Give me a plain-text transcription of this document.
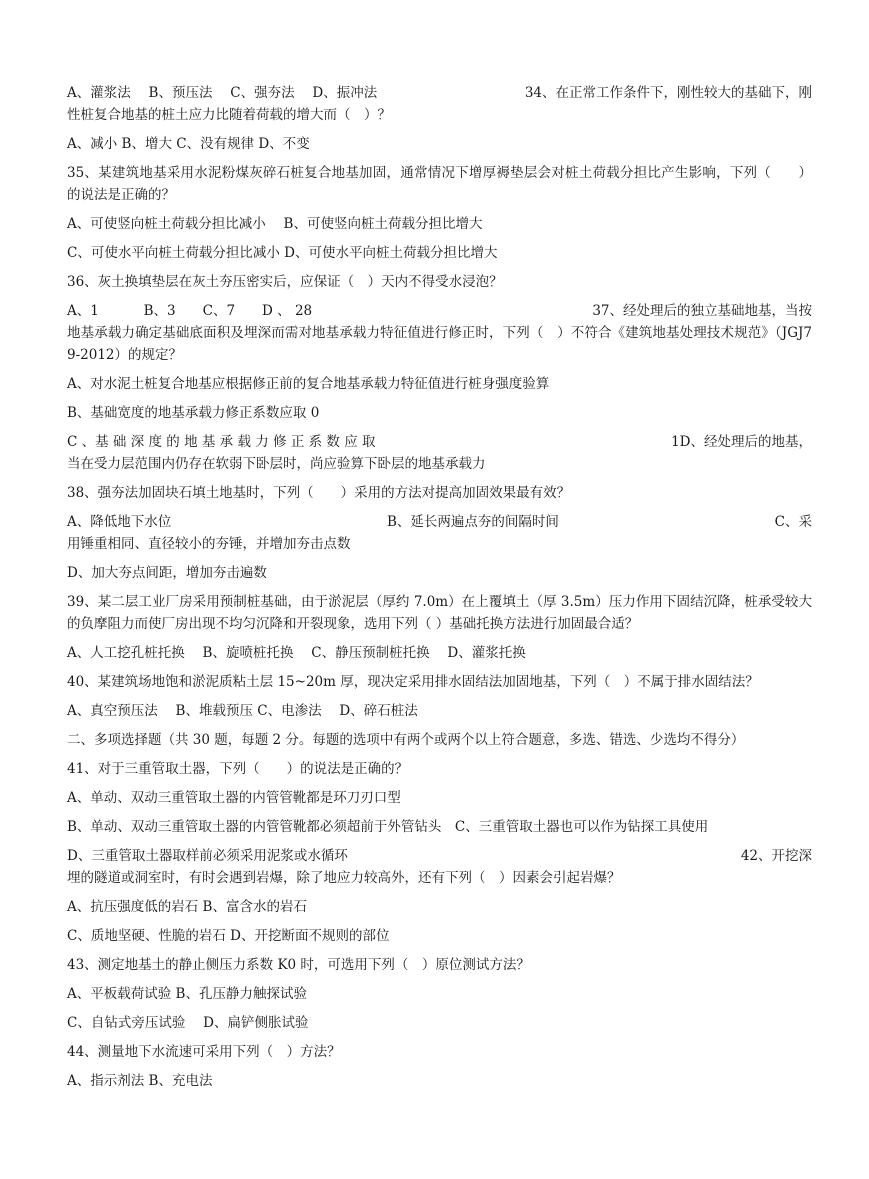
A、灌浆法　 B、预压法　 C、强夯法　 D、振冲法	34、在正常工作条件下，刚性较大的基础下，刚
性桩复合地基的桩土应力比随着荷载的增大而（　）？
A、减小 B、增大 C、没有规律 D、不变
35、某建筑地基采用水泥粉煤灰碎石桩复合地基加固，通常情况下增厚褥垫层会对桩土荷载分担比产生影响，下列（　　）的说法是正确的？
A、可使竖向桩土荷载分担比减小　 B、可使竖向桩土荷载分担比增大
C、可使水平向桩土荷载分担比减小 D、可使水平向桩土荷载分担比增大
36、灰土换填垫层在灰土夯压密实后，应保证（　）天内不得受水浸泡？
A、1　　　 B、3　　C、7　　D 、 28	37、经处理后的独立基础地基，当按
地基承载力确定基础底面积及埋深而需对地基承载力特征值进行修正时，下列（　）不符合《建筑地基处理技术规范》（JGJ79-2012）的规定？
A、对水泥土桩复合地基应根据修正前的复合地基承载力特征值进行桩身强度验算
B、基础宽度的地基承载力修正系数应取 0
C 、基 础 深 度 的 地 基 承 载 力 修 正 系 数 应 取	1D、经处理后的地基，
当在受力层范围内仍存在软弱下卧层时，尚应验算下卧层的地基承载力
38、强夯法加固块石填土地基时，下列（　　）采用的方法对提高加固效果最有效？
A、降低地下水位	B、延长两遍点夯的间隔时间	C、采
用锤重相同、直径较小的夯锤，并增加夯击点数
D、加大夯点间距，增加夯击遍数
39、某二层工业厂房采用预制桩基础，由于淤泥层（厚约 7.0m）在上覆填土（厚 3.5m）压力作用下固结沉降，桩承受较大的负摩阻力而使厂房出现不均匀沉降和开裂现象，选用下列（ ）基础托换方法进行加固最合适？
A、人工挖孔桩托换　 B、旋喷桩托换　 C、静压预制桩托换　 D、灌浆托换
40、某建筑场地饱和淤泥质粘土层 15~20m 厚，现决定采用排水固结法加固地基，下列（　）不属于排水固结法？
A、真空预压法　 B、堆载预压 C、电渗法　 D、碎石桩法
二、多项选择题（共 30 题，每题 2 分。每题的选项中有两个或两个以上符合题意，多选、错选、少选均不得分）
41、对于三重管取土器，下列（　　）的说法是正确的？
A、单动、双动三重管取土器的内管管靴都是环刀刃口型
B、单动、双动三重管取土器的内管管靴都必须超前于外管钻头　C、三重管取土器也可以作为钻探工具使用
D、三重管取土器取样前必须采用泥浆或水循环	42、开挖深
埋的隧道或洞室时，有时会遇到岩爆，除了地应力较高外，还有下列（　）因素会引起岩爆？
A、抗压强度低的岩石 B、富含水的岩石
C、质地坚硬、性脆的岩石 D、开挖断面不规则的部位
43、测定地基土的静止侧压力系数 K0 时，可选用下列（　）原位测试方法？
A、平板载荷试验 B、孔压静力触探试验
C、自钻式旁压试验　 D、扁铲侧胀试验
44、测量地下水流速可采用下列（　）方法？
A、指示剂法 B、充电法
